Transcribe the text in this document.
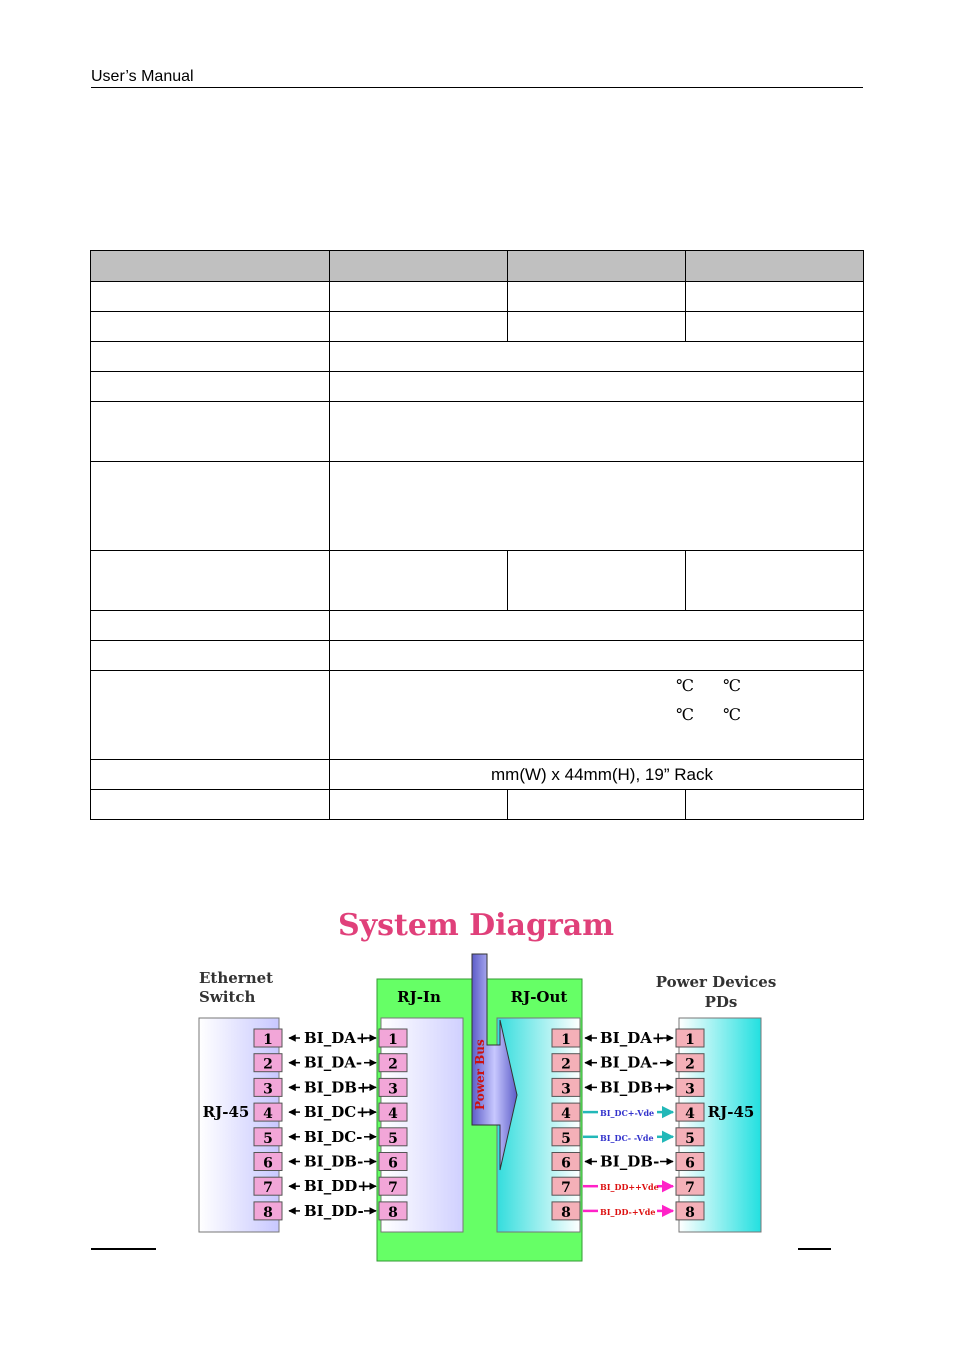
User’s Manual

	℃ ℃
℃ ℃		

	mm(W) x 44mm(H), 19” Rack		

System Diagram
Ethernet
Switch
RJ-45
Power Devices
PDs
RJ-45
RJ-In	RJ-Out
Power Bus
1	1
BI_DA+	1	1
BI_DA+
2	2
BI_DA-	2	2
BI_DA-
3	3
BI_DB+	3	3
BI_DB+
4	4
BI_DC+	4	4
BI_DC+-Vde
5	5
BI_DC-	5	5
BI_DC- -Vde
6	6
BI_DB-	6	6
BI_DB-
7	7
BI_DD+	7	7
BI_DD++Vde
8	8
BI_DD-	8	8
BI_DD-+Vde
